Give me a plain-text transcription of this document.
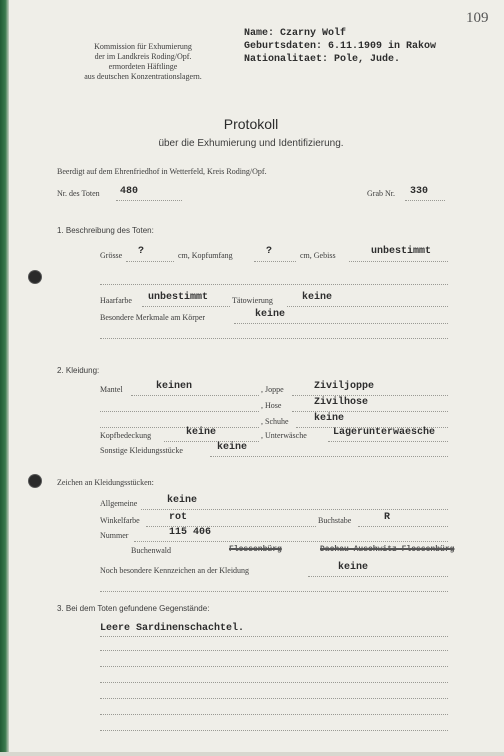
109
Kommission für Exhumierung
der im Landkreis Roding/Opf.
ermordeten Häftlinge
aus deutschen Konzentrationslagern.
Name: Czarny Wolf
Geburtsdaten: 6.11.1909 in Rakow
Nationalitaet: Pole, Jude.
Protokoll
über die Exhumierung und Identifizierung.
Beerdigt auf dem Ehrenfriedhof in Wetterfeld, Kreis Roding/Opf.
Nr. des Toten 480	Grab Nr. 330
1. Beschreibung des Toten:
Grösse ?	cm, Kopfumfang	?	cm, Gebiss	unbestimmt
Haarfarbe unbestimmt	Tätowierung	keine
Besondere Merkmale am Körper	keine
2. Kleidung:
Mantel	keinen	, Joppe	Ziviljoppe
, Hose	Zivilhose
, Schuhe	keine
Kopfbedeckung	keine	, Unterwäsche	Lagerunterwaesche
Sonstige Kleidungsstücke	keine
Zeichen an Kleidungsstücken:
Allgemeine	keine
Winkelfarbe	rot	Buchstabe	R
Nummer	115 406
Buchenwald	Flossenbürg	Dachau Auschwitz Flossenbürg
Noch besondere Kennzeichen an der Kleidung	keine
3. Bei dem Toten gefundene Gegenstände:
Leere Sardinenschachtel.
